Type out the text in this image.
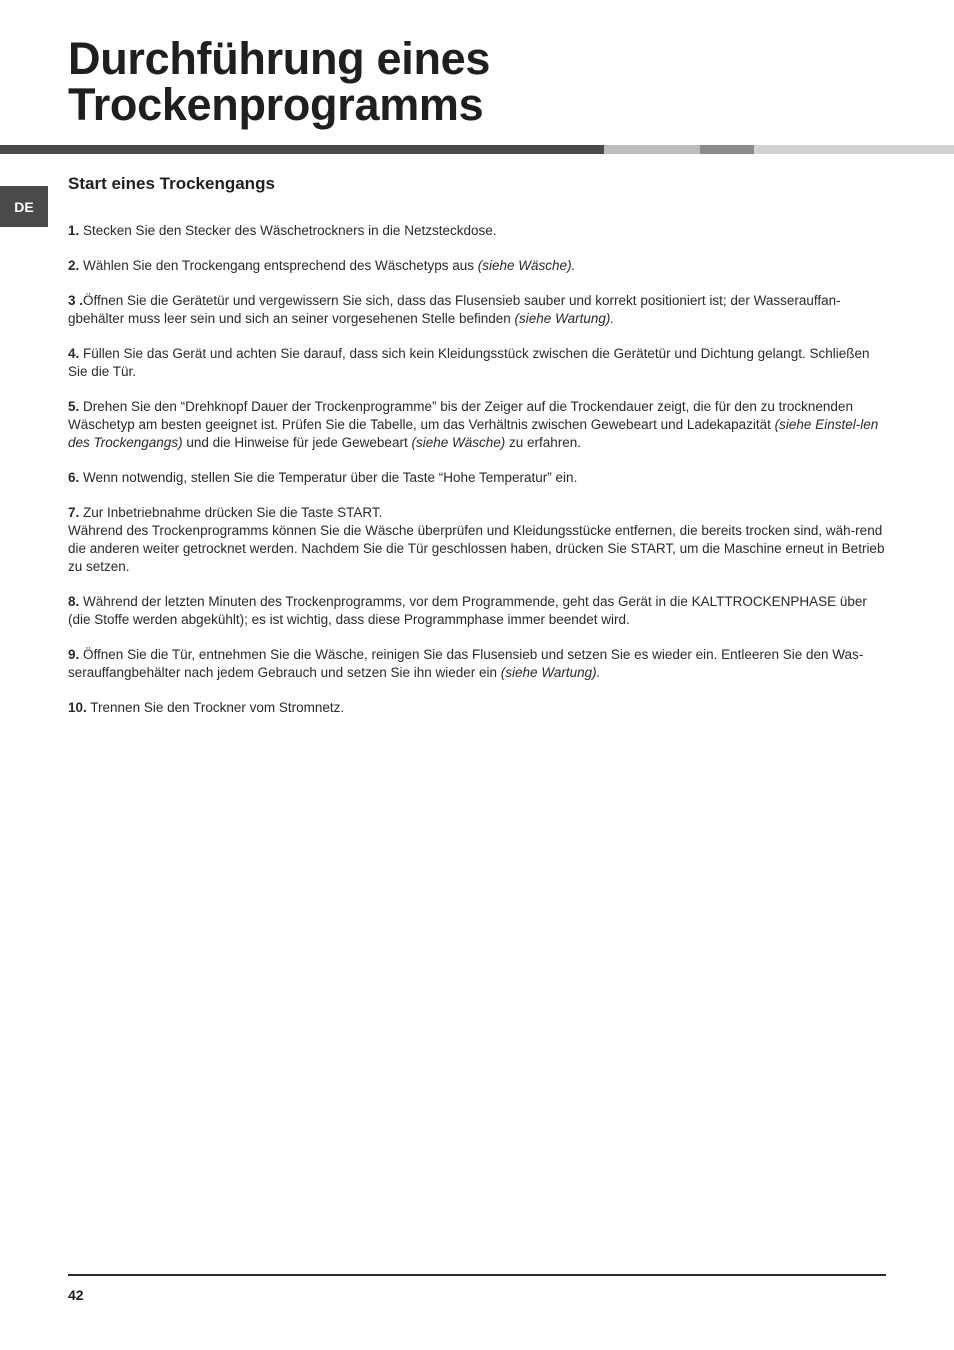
Durchführung eines
Trockenprogramms
DE
Start eines Trockengangs

1. Stecken Sie den Stecker des Wäschetrockners in die Netzsteckdose.

2. Wählen Sie den Trockengang entsprechend des Wäschetyps aus (siehe Wäsche).

3 .Öffnen Sie die Gerätetür und vergewissern Sie sich, dass das Flusensieb sauber und korrekt positioniert ist; der Wasserauffan-gbehälter muss leer sein und sich an seiner vorgesehenen Stelle befinden (siehe Wartung).

4. Füllen Sie das Gerät und achten Sie darauf, dass sich kein Kleidungsstück zwischen die Gerätetür und Dichtung gelangt. Schließen Sie die Tür.

5. Drehen Sie den “Drehknopf Dauer der Trockenprogramme” bis der Zeiger auf die Trockendauer zeigt, die für den zu trocknenden Wäschetyp am besten geeignet ist. Prüfen Sie die Tabelle, um das Verhältnis zwischen Gewebeart und Ladekapazität (siehe Einstel-len des Trockengangs) und die Hinweise für jede Gewebeart (siehe Wäsche) zu erfahren.

6. Wenn notwendig, stellen Sie die Temperatur über die Taste “Hohe Temperatur” ein.

7. Zur Inbetriebnahme drücken Sie die Taste START.
Während des Trockenprogramms können Sie die Wäsche überprüfen und Kleidungsstücke entfernen, die bereits trocken sind, wäh-rend die anderen weiter getrocknet werden. Nachdem Sie die Tür geschlossen haben, drücken Sie START, um die Maschine erneut in Betrieb zu setzen.

8. Während der letzten Minuten des Trockenprogramms, vor dem Programmende, geht das Gerät in die KALTTROCKENPHASE über (die Stoffe werden abgekühlt); es ist wichtig, dass diese Programmphase immer beendet wird.

9. Öffnen Sie die Tür, entnehmen Sie die Wäsche, reinigen Sie das Flusensieb und setzen Sie es wieder ein. Entleeren Sie den Was-serauffangbehälter nach jedem Gebrauch und setzen Sie ihn wieder ein (siehe Wartung).

10. Trennen Sie den Trockner vom Stromnetz.

42
